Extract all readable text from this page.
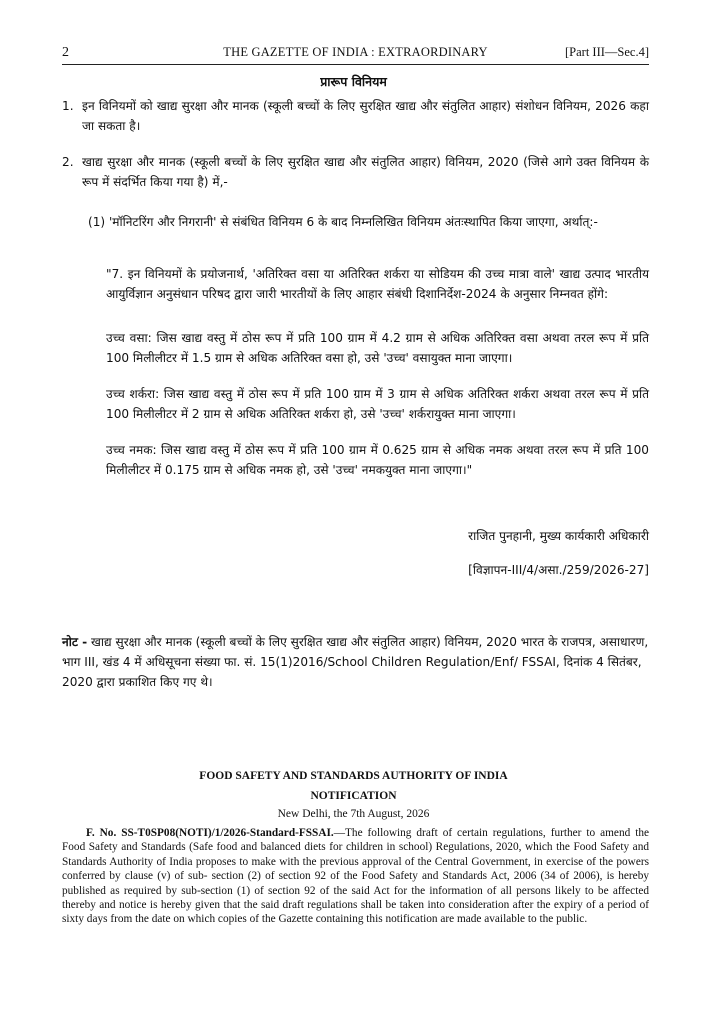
2	THE GAZETTE OF INDIA : EXTRAORDINARY	[Part III—Sec.4]
प्रारूप विनियम
1. इन विनियमों को खाद्य सुरक्षा और मानक (स्कूली बच्चों के लिए सुरक्षित खाद्य और संतुलित आहार) संशोधन विनियम, 2026 कहा जा सकता है।
2. खाद्य सुरक्षा और मानक (स्कूली बच्चों के लिए सुरक्षित खाद्य और संतुलित आहार) विनियम, 2020 (जिसे आगे उक्त विनियम के रूप में संदर्भित किया गया है) में,-
(1) 'मॉनिटरिंग और निगरानी' से संबंधित विनियम 6 के बाद निम्नलिखित विनियम अंतःस्थापित किया जाएगा, अर्थात्:-
"7. इन विनियमों के प्रयोजनार्थ, 'अतिरिक्त वसा या अतिरिक्त शर्करा या सोडियम की उच्च मात्रा वाले' खाद्य उत्पाद भारतीय आयुर्विज्ञान अनुसंधान परिषद द्वारा जारी भारतीयों के लिए आहार संबंधी दिशानिर्देश-2024 के अनुसार निम्नवत होंगे:
उच्च वसा: जिस खाद्य वस्तु में ठोस रूप में प्रति 100 ग्राम में 4.2 ग्राम से अधिक अतिरिक्त वसा अथवा तरल रूप में प्रति 100 मिलीलीटर में 1.5 ग्राम से अधिक अतिरिक्त वसा हो, उसे 'उच्च' वसायुक्त माना जाएगा।
उच्च शर्करा: जिस खाद्य वस्तु में ठोस रूप में प्रति 100 ग्राम में 3 ग्राम से अधिक अतिरिक्त शर्करा अथवा तरल रूप में प्रति 100 मिलीलीटर में 2 ग्राम से अधिक अतिरिक्त शर्करा हो, उसे 'उच्च' शर्करायुक्त माना जाएगा।
उच्च नमक: जिस खाद्य वस्तु में ठोस रूप में प्रति 100 ग्राम में 0.625 ग्राम से अधिक नमक अथवा तरल रूप में प्रति 100 मिलीलीटर में 0.175 ग्राम से अधिक नमक हो, उसे 'उच्च' नमकयुक्त माना जाएगा।"
राजित पुनहानी, मुख्य कार्यकारी अधिकारी
[विज्ञापन-III/4/असा./259/2026-27]
नोट - खाद्य सुरक्षा और मानक (स्कूली बच्चों के लिए सुरक्षित खाद्य और संतुलित आहार) विनियम, 2020 भारत के राजपत्र, असाधारण, भाग III, खंड 4 में अधिसूचना संख्या फा. सं. 15(1)2016/School Children Regulation/Enf/ FSSAI, दिनांक 4 सितंबर, 2020 द्वारा प्रकाशित किए गए थे।
FOOD SAFETY AND STANDARDS AUTHORITY OF INDIA
NOTIFICATION
New Delhi, the 7th August, 2026
F. No. SS-T0SP08(NOTI)/1/2026-Standard-FSSAI.—The following draft of certain regulations, further to amend the Food Safety and Standards (Safe food and balanced diets for children in school) Regulations, 2020, which the Food Safety and Standards Authority of India proposes to make with the previous approval of the Central Government, in exercise of the powers conferred by clause (v) of sub- section (2) of section 92 of the Food Safety and Standards Act, 2006 (34 of 2006), is hereby published as required by sub-section (1) of section 92 of the said Act for the information of all persons likely to be affected thereby and notice is hereby given that the said draft regulations shall be taken into consideration after the expiry of a period of sixty days from the date on which copies of the Gazette containing this notification are made available to the public.
